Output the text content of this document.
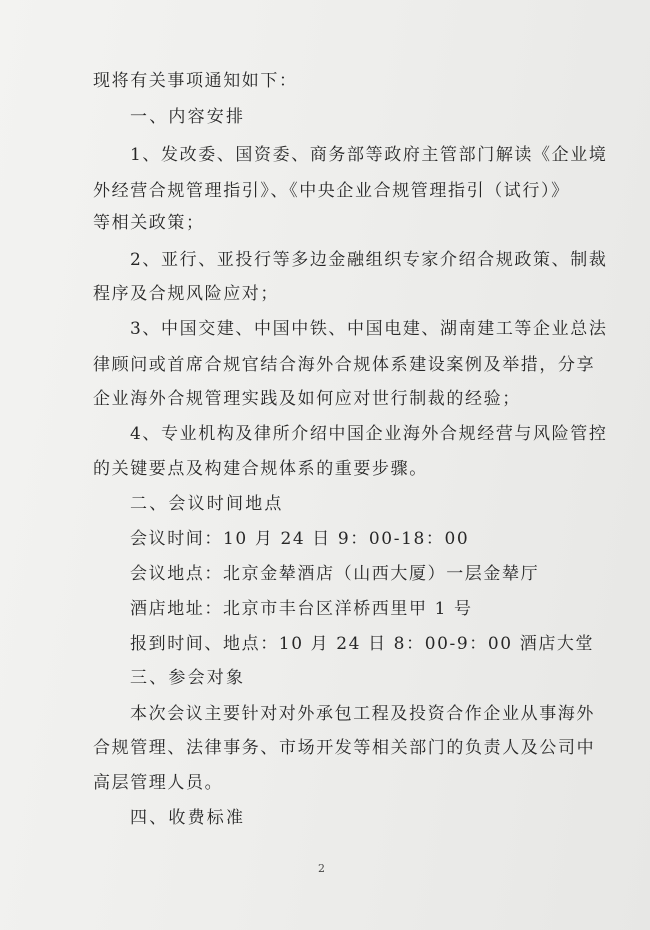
现将有关事项通知如下：

一、内容安排

1、发改委、国资委、商务部等政府主管部门解读《企业境

外经营合规管理指引》、《中央企业合规管理指引（试行）》

等相关政策；

2、亚行、亚投行等多边金融组织专家介绍合规政策、制裁

程序及合规风险应对；

3、中国交建、中国中铁、中国电建、湖南建工等企业总法

律顾问或首席合规官结合海外合规体系建设案例及举措，分享

企业海外合规管理实践及如何应对世行制裁的经验；

4、专业机构及律所介绍中国企业海外合规经营与风险管控

的关键要点及构建合规体系的重要步骤。

二、会议时间地点

会议时间：10 月 24 日 9：00-18：00

会议地点：北京金辇酒店（山西大厦）一层金辇厅

酒店地址：北京市丰台区洋桥西里甲 1 号

报到时间、地点：10 月 24 日 8：00-9：00 酒店大堂

三、参会对象

本次会议主要针对对外承包工程及投资合作企业从事海外

合规管理、法律事务、市场开发等相关部门的负责人及公司中

高层管理人员。

四、收费标准

2
